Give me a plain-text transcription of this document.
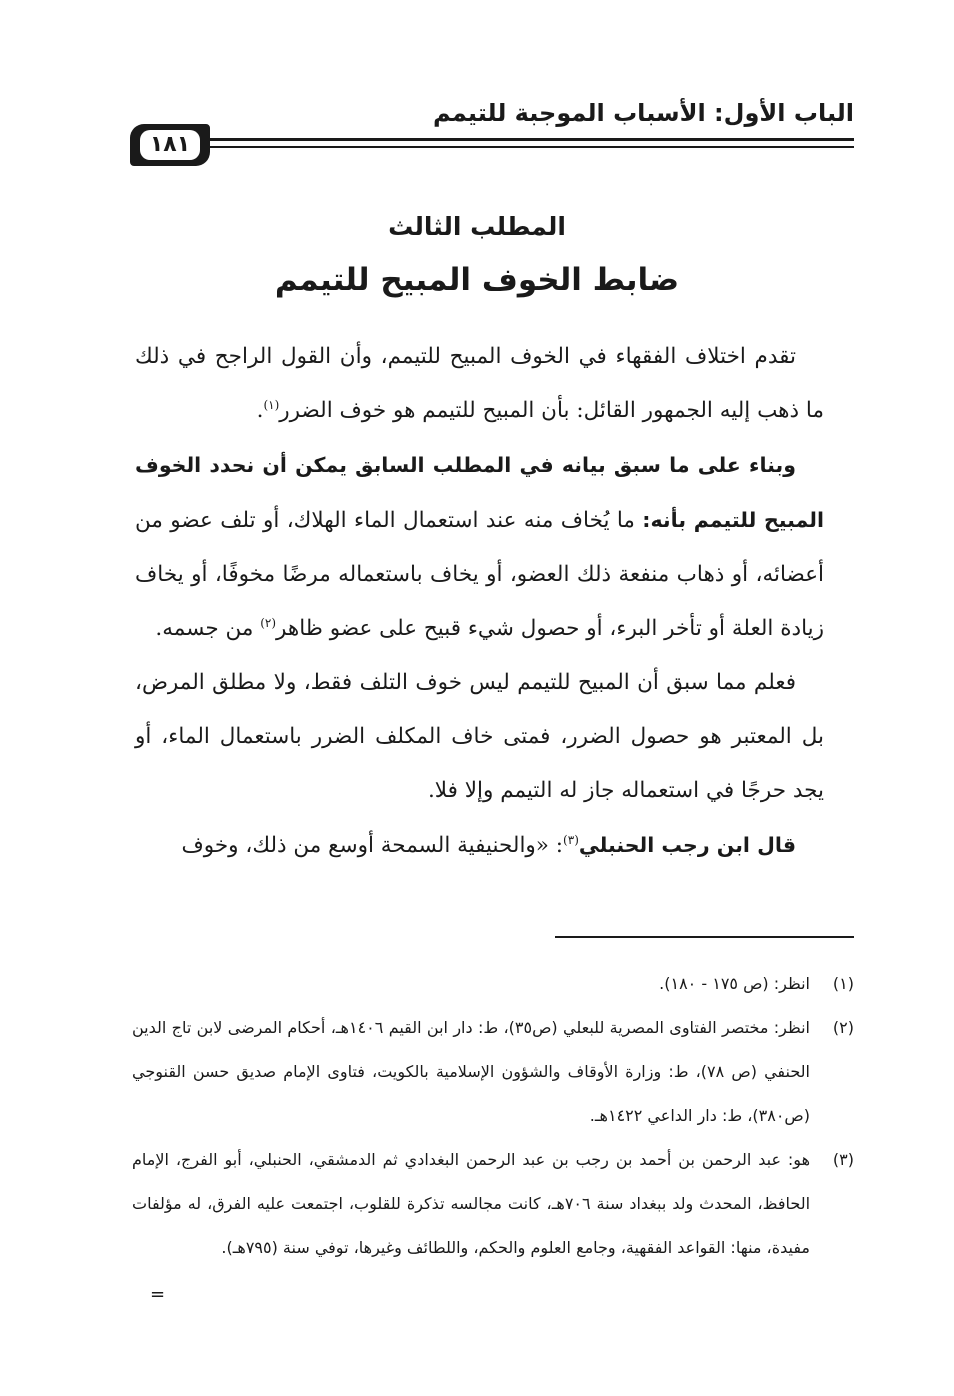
الباب الأول: الأسباب الموجبة للتيمم
١٨١
المطلب الثالث
ضابط الخوف المبيح للتيمم

تقدم اختلاف الفقهاء في الخوف المبيح للتيمم، وأن القول الراجح في ذلك ما ذهب إليه الجمهور القائل: بأن المبيح للتيمم هو خوف الضرر$^{(١)}$.

وبناء على ما سبق بيانه في المطلب السابق يمكن أن نحدد الخوف المبيح للتيمم بأنه: ما يُخاف منه عند استعمال الماء الهلاك، أو تلف عضو من أعضائه، أو ذهاب منفعة ذلك العضو، أو يخاف باستعماله مرضًا مخوفًا، أو يخاف زيادة العلة أو تأخر البرء، أو حصول شيء قبيح على عضو ظاهر$^{(٢)}$ من جسمه.

فعلم مما سبق أن المبيح للتيمم ليس خوف التلف فقط، ولا مطلق المرض، بل المعتبر هو حصول الضرر، فمتى خاف المكلف الضرر باستعمال الماء، أو يجد حرجًا في استعماله جاز له التيمم وإلا فلا.

قال ابن رجب الحنبلي$^{(٣)}$: «والحنيفية السمحة أوسع من ذلك، وخوف

(١)
انظر: (ص ١٧٥ - ١٨٠).
(٢)
انظر: مختصر الفتاوى المصرية للبعلي (ص٣٥)، ط: دار ابن القيم ١٤٠٦هـ، أحكام المرضى لابن تاج الدين الحنفي (ص ٧٨)، ط: وزارة الأوقاف والشؤون الإسلامية بالكويت، فتاوى الإمام صديق حسن القنوجي (ص٣٨٠)، ط: دار الداعي ١٤٢٢هـ.
(٣)
هو: عبد الرحمن بن أحمد بن رجب بن عبد الرحمن البغدادي ثم الدمشقي، الحنبلي، أبو الفرج، الإمام الحافظ، المحدث ولد ببغداد سنة ٧٠٦هـ، كانت مجالسه تذكرة للقلوب، اجتمعت عليه الفرق، له مؤلفات مفيدة، منها: القواعد الفقهية، وجامع العلوم والحكم، واللطائف وغيرها، توفي سنة (٧٩٥هـ).
=
